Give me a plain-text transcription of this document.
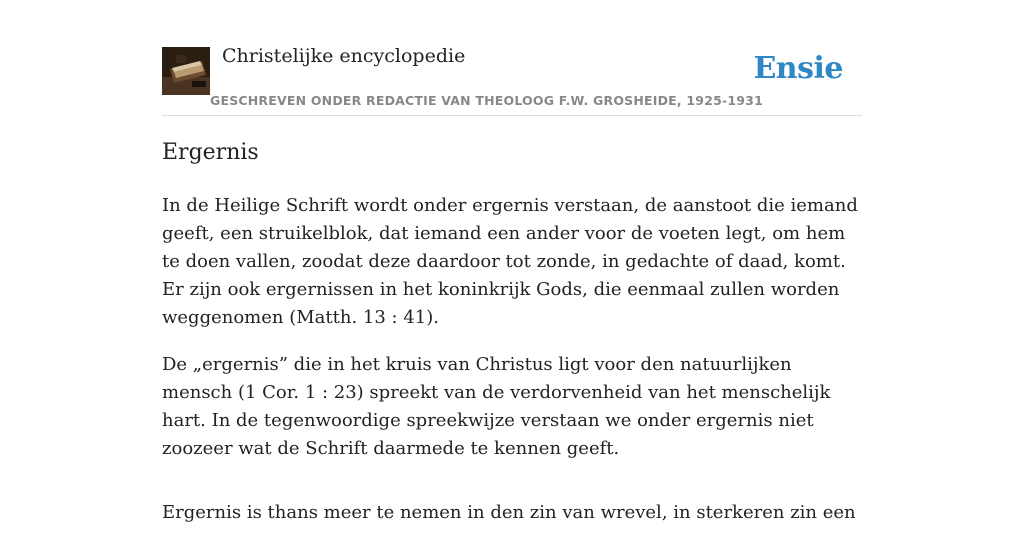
Christelijke encyclopedie
GESCHREVEN ONDER REDACTIE VAN THEOLOOG F.W. GROSHEIDE, 1925-1931
Ensie
Ergernis

In de Heilige Schrift wordt onder ergernis verstaan, de aanstoot die iemand geeft, een struikelblok, dat iemand een ander voor de voeten legt, om hem te doen vallen, zoodat deze daardoor tot zonde, in gedachte of daad, komt. Er zijn ook ergernissen in het koninkrijk Gods, die eenmaal zullen worden weggenomen (Matth. 13 : 41).

De „ergernis” die in het kruis van Christus ligt voor den natuurlijken mensch (1 Cor. 1 : 23) spreekt van de verdorvenheid van het menschelijk hart. In de tegenwoordige spreekwijze verstaan we onder ergernis niet zoozeer wat de Schrift daarmede te kennen geeft.

Ergernis is thans meer te nemen in den zin van wrevel, in sterkeren zin een
